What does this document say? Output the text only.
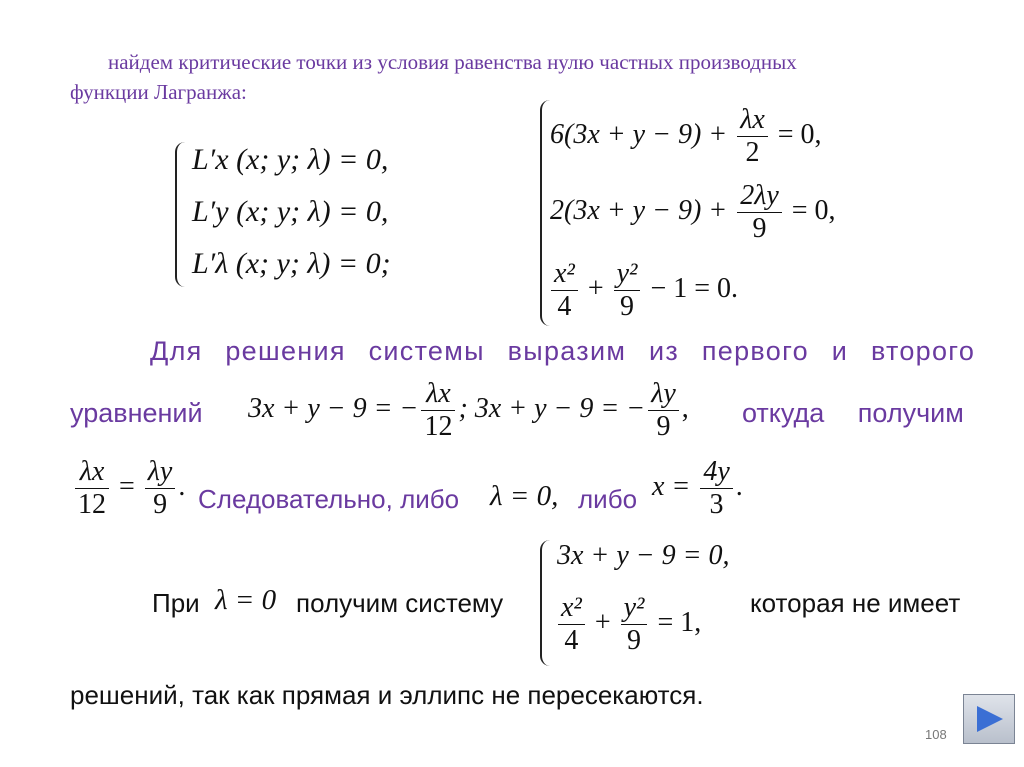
найдем критические точки из условия равенства нулю частных производных
функции Лагранжа:
L′x (x; y; λ) = 0,
L′y (x; y; λ) = 0,
L′λ (x; y; λ) = 0;
$6(3x + y - 9) + \frac{\lambda x}{2} = 0$,
$2(3x + y - 9) + \frac{2\lambda y}{9} = 0$,
$\frac{\text{x²}}{4} + \frac{\text{y²}}{9} - 1 = 0$.
Для решения системы выразим из первого и второго
уравнений 3x + y − 9 = − $\frac{\lambda x}{12}$ ; 3x + y − 9 = − $\frac{\lambda y}{9}$ , откуда получим
$\frac{\lambda x}{12} = \frac{\lambda y}{9}$ . Следовательно, либо λ = 0, либо $x = \frac{4y}{3}$ .
При λ = 0 получим систему
3x + y − 9 = 0,
$\frac{\text{x²}}{4} + \frac{\text{y²}}{9} = 1$,
которая не имеет
решений, так как прямая и эллипс не пересекаются.
108
